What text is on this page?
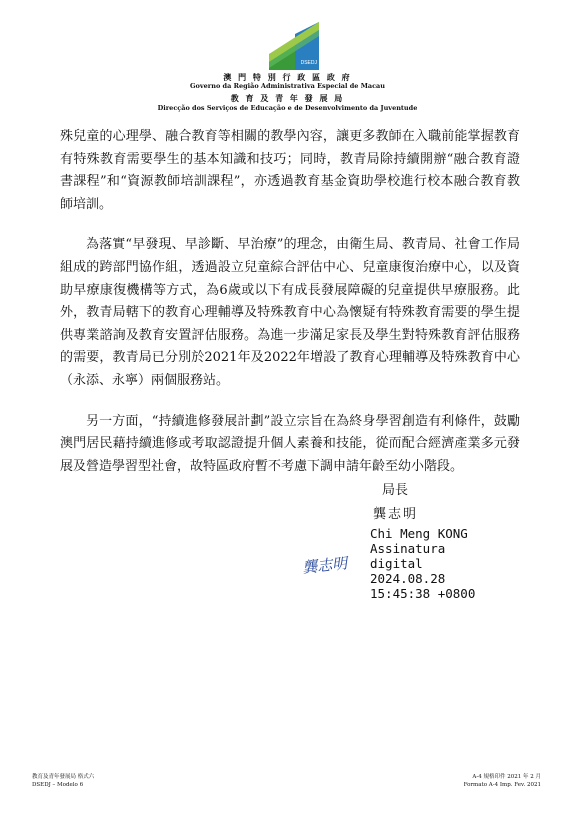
DSEDJ
澳 門 特 別 行 政 區 政 府
Governo da Região Administrativa Especial de Macau
教 育 及 青 年 發 展 局
Direcção dos Serviços de Educação e de Desenvolvimento da Juventude

殊兒童的心理學、融合教育等相關的教學內容，讓更多教師在入職前能掌握教育有特殊教育需要學生的基本知識和技巧；同時，教青局除持續開辦“融合教育證書課程”和“資源教師培訓課程”，亦透過教育基金資助學校進行校本融合教育教師培訓。

為落實“早發現、早診斷、早治療”的理念，由衛生局、教青局、社會工作局組成的跨部門協作組，透過設立兒童綜合評估中心、兒童康復治療中心，以及資助早療康復機構等方式，為6歲或以下有成長發展障礙的兒童提供早療服務。此外，教青局轄下的教育心理輔導及特殊教育中心為懷疑有特殊教育需要的學生提供專業諮詢及教育安置評估服務。為進一步滿足家長及學生對特殊教育評估服務的需要，教青局已分別於2021年及2022年增設了教育心理輔導及特殊教育中心（永添、永寧）兩個服務站。

另一方面，“持續進修發展計劃”設立宗旨在為終身學習創造有利條件，鼓勵澳門居民藉持續進修或考取認證提升個人素養和技能，從而配合經濟產業多元發展及營造學習型社會，故特區政府暫不考慮下調申請年齡至幼小階段。

局長
龔志明
龔志明
Chi Meng KONG
Assinatura
digital
2024.08.28
15:45:38 +0800
教育及青年發展局 格式六
DSEDJ – Modelo 6
A-4 規格印件 2021 年 2 月
Formato A-4 Imp. Fev. 2021
